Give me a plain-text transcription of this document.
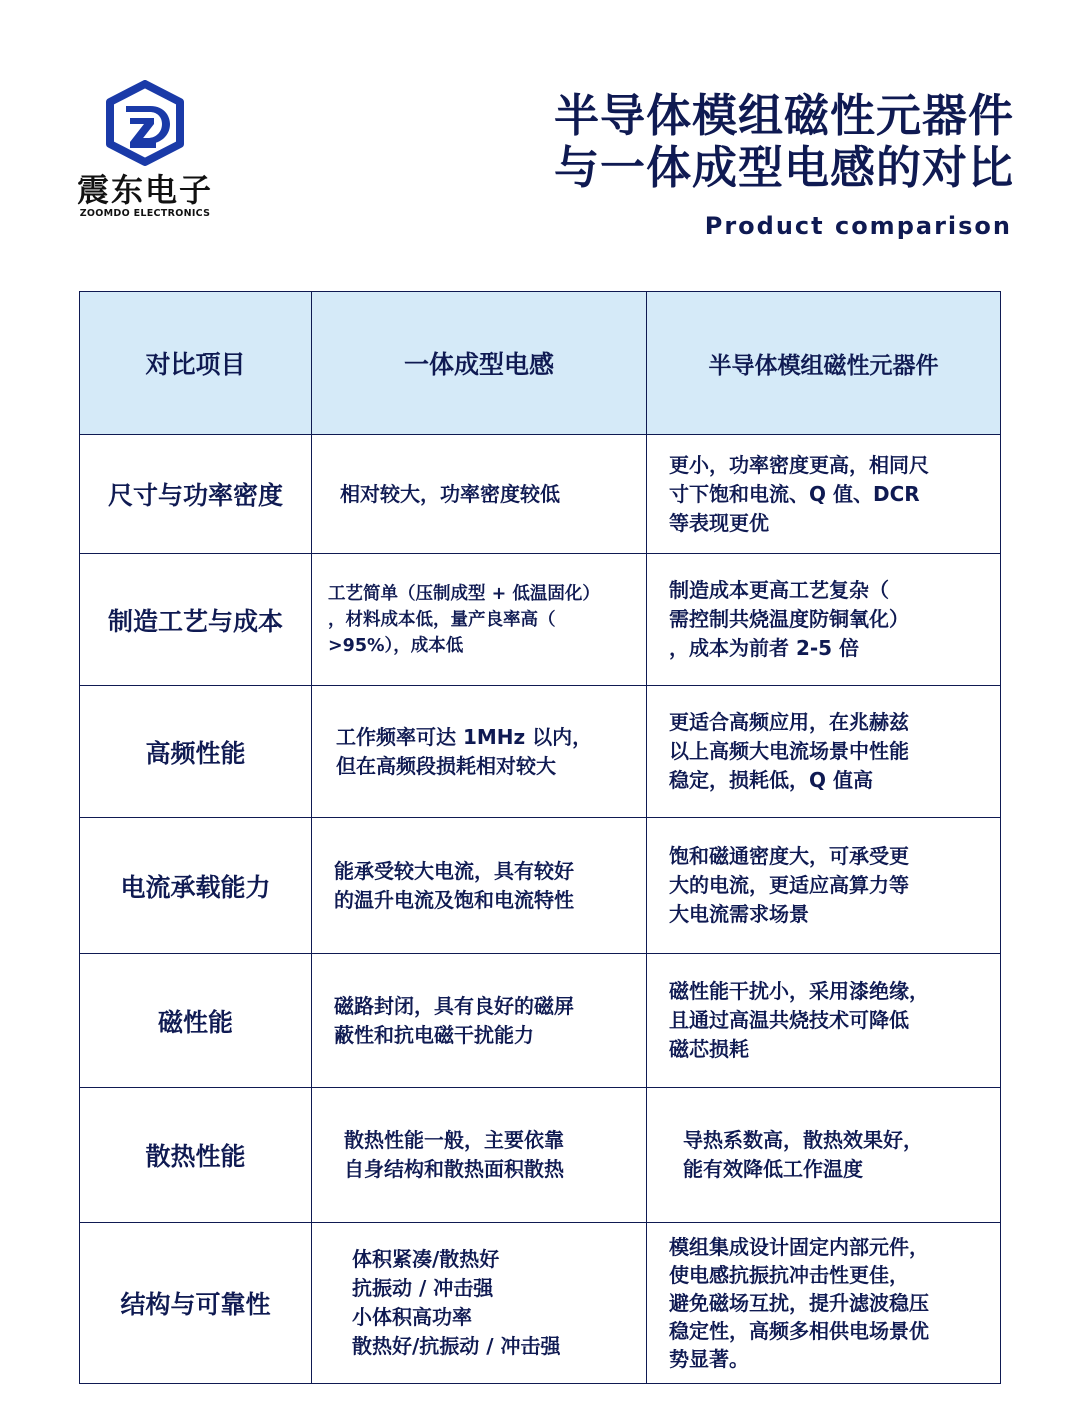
震东电子
ZOOMDO ELECTRONICS
半导体模组磁性元器件
与一体成型电感的对比
Product comparison
对比项目	一体成型电感	半导体模组磁性元器件
尺寸与功率密度	相对较大，功率密度较低	更小，功率密度更高，相同尺
寸下饱和电流、Q 值、DCR
等表现更优

制造工艺与成本	工艺简单（压制成型 + 低温固化）
，材料成本低，量产良率高（
>95%），成本低	制造成本更高工艺复杂（
需控制共烧温度防铜氧化）
，成本为前者 2-5 倍

高频性能	工作频率可达 1MHz 以内，
但在高频段损耗相对较大	更适合高频应用，在兆赫兹
以上高频大电流场景中性能
稳定，损耗低，Q 值高

电流承载能力	能承受较大电流，具有较好
的温升电流及饱和电流特性	饱和磁通密度大，可承受更
大的电流，更适应高算力等
大电流需求场景

磁性能	磁路封闭，具有良好的磁屏
蔽性和抗电磁干扰能力	磁性能干扰小，采用漆绝缘，
且通过高温共烧技术可降低
磁芯损耗

散热性能	散热性能一般，主要依靠
自身结构和散热面积散热	导热系数高，散热效果好，
能有效降低工作温度

结构与可靠性	体积紧凑/散热好
抗振动 / 冲击强
小体积高功率
散热好/抗振动 / 冲击强	模组集成设计固定内部元件，
使电感抗振抗冲击性更佳，
避免磁场互扰，提升滤波稳压
稳定性，高频多相供电场景优
势显著。
